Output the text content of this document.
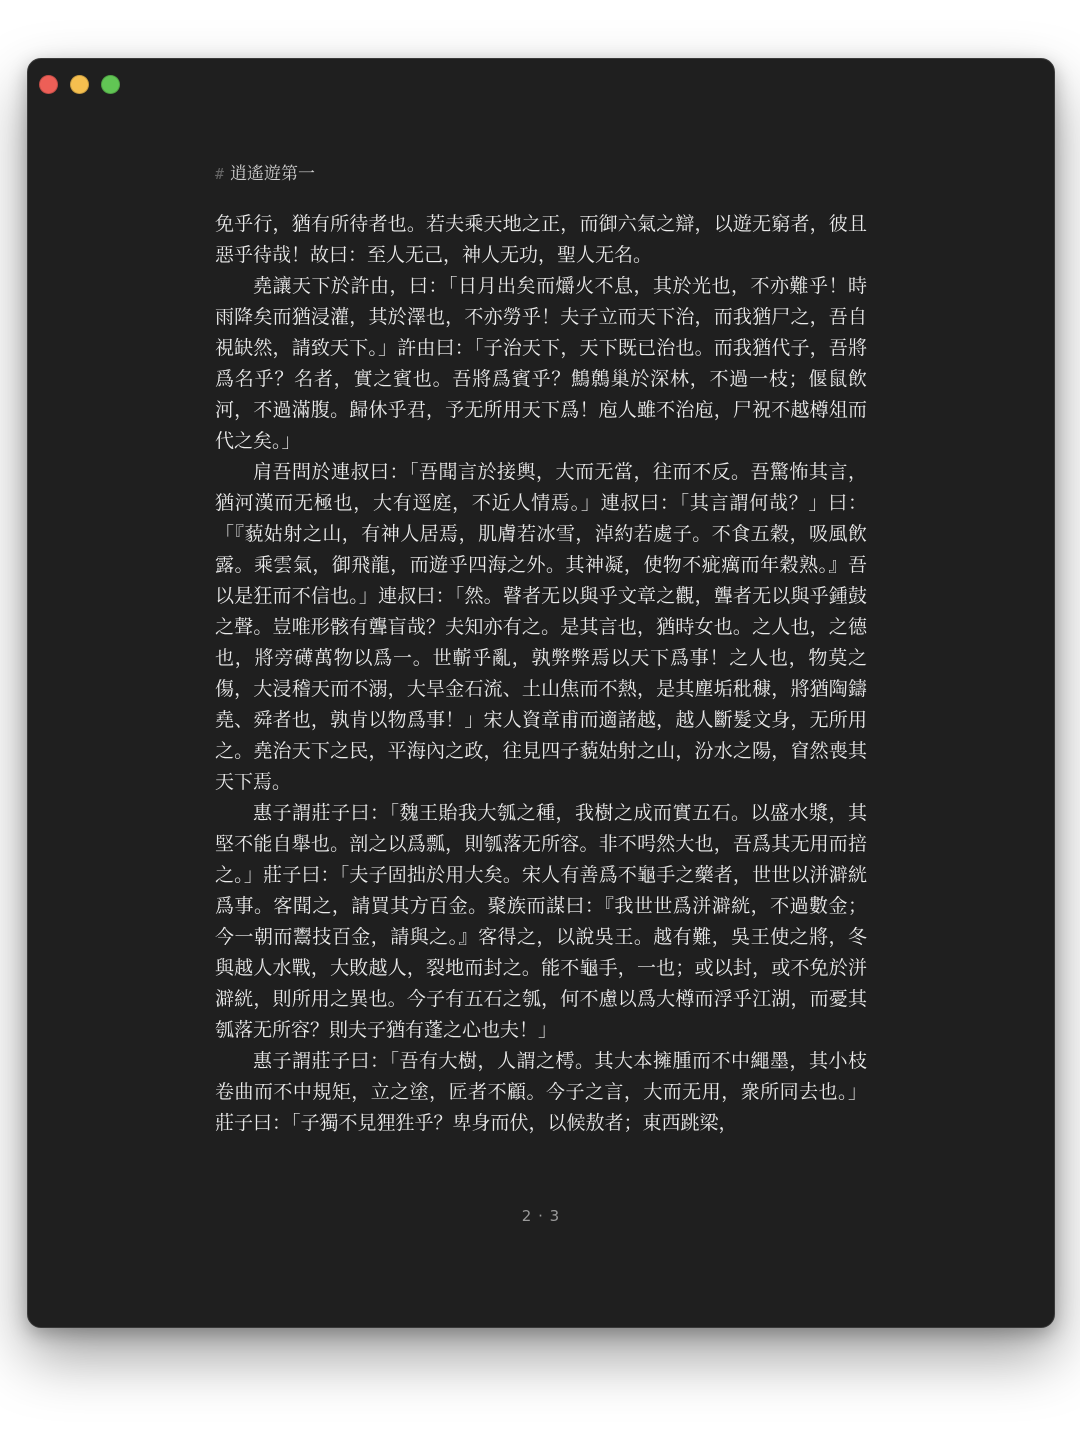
# 逍遙遊第一

免乎行，猶有所待者也。若夫乘天地之正，而御六氣之辯，以遊无窮者，彼且惡乎待哉！故曰：至人无己，神人无功，聖人无名。

堯讓天下於許由，曰：「日月出矣而爝火不息，其於光也，不亦難乎！時雨降矣而猶浸灌，其於澤也，不亦勞乎！夫子立而天下治，而我猶尸之，吾自視缺然，請致天下。」許由曰：「子治天下，天下既已治也。而我猶代子，吾將爲名乎？名者，實之賓也。吾將爲賓乎？鷦鷯巢於深林，不過一枝；偃鼠飲河，不過滿腹。歸休乎君，予无所用天下爲！庖人雖不治庖，尸祝不越樽俎而代之矣。」

肩吾問於連叔曰：「吾聞言於接輿，大而无當，往而不反。吾驚怖其言，猶河漢而无極也，大有逕庭，不近人情焉。」連叔曰：「其言謂何哉？」曰：「『藐姑射之山，有神人居焉，肌膚若冰雪，淖約若處子。不食五穀，吸風飲露。乘雲氣，御飛龍，而遊乎四海之外。其神凝，使物不疵癘而年穀熟。』吾以是狂而不信也。」連叔曰：「然。瞽者无以與乎文章之觀，聾者无以與乎鍾鼓之聲。豈唯形骸有聾盲哉？夫知亦有之。是其言也，猶時女也。之人也，之德也，將旁礡萬物以爲一。世蘄乎亂，孰弊弊焉以天下爲事！之人也，物莫之傷，大浸稽天而不溺，大旱金石流、土山焦而不熱，是其塵垢秕穅，將猶陶鑄堯、舜者也，孰肯以物爲事！」宋人資章甫而適諸越，越人斷髮文身，无所用之。堯治天下之民，平海內之政，往見四子藐姑射之山，汾水之陽，窅然喪其天下焉。

惠子謂莊子曰：「魏王貽我大瓠之種，我樹之成而實五石。以盛水漿，其堅不能自舉也。剖之以爲瓢，則瓠落无所容。非不呺然大也，吾爲其无用而掊之。」莊子曰：「夫子固拙於用大矣。宋人有善爲不龜手之藥者，世世以洴澼絖爲事。客聞之，請買其方百金。聚族而謀曰：『我世世爲洴澼絖，不過數金；今一朝而鬻技百金，請與之。』客得之，以說吳王。越有難，吳王使之將，冬與越人水戰，大敗越人，裂地而封之。能不龜手，一也；或以封，或不免於洴澼絖，則所用之異也。今子有五石之瓠，何不慮以爲大樽而浮乎江湖，而憂其瓠落无所容？則夫子猶有蓬之心也夫！」

惠子謂莊子曰：「吾有大樹，人謂之樗。其大本擁腫而不中繩墨，其小枝卷曲而不中規矩，立之塗，匠者不顧。今子之言，大而无用，衆所同去也。」莊子曰：「子獨不見狸狌乎？卑身而伏，以候敖者；東西跳梁，

2 · 3
